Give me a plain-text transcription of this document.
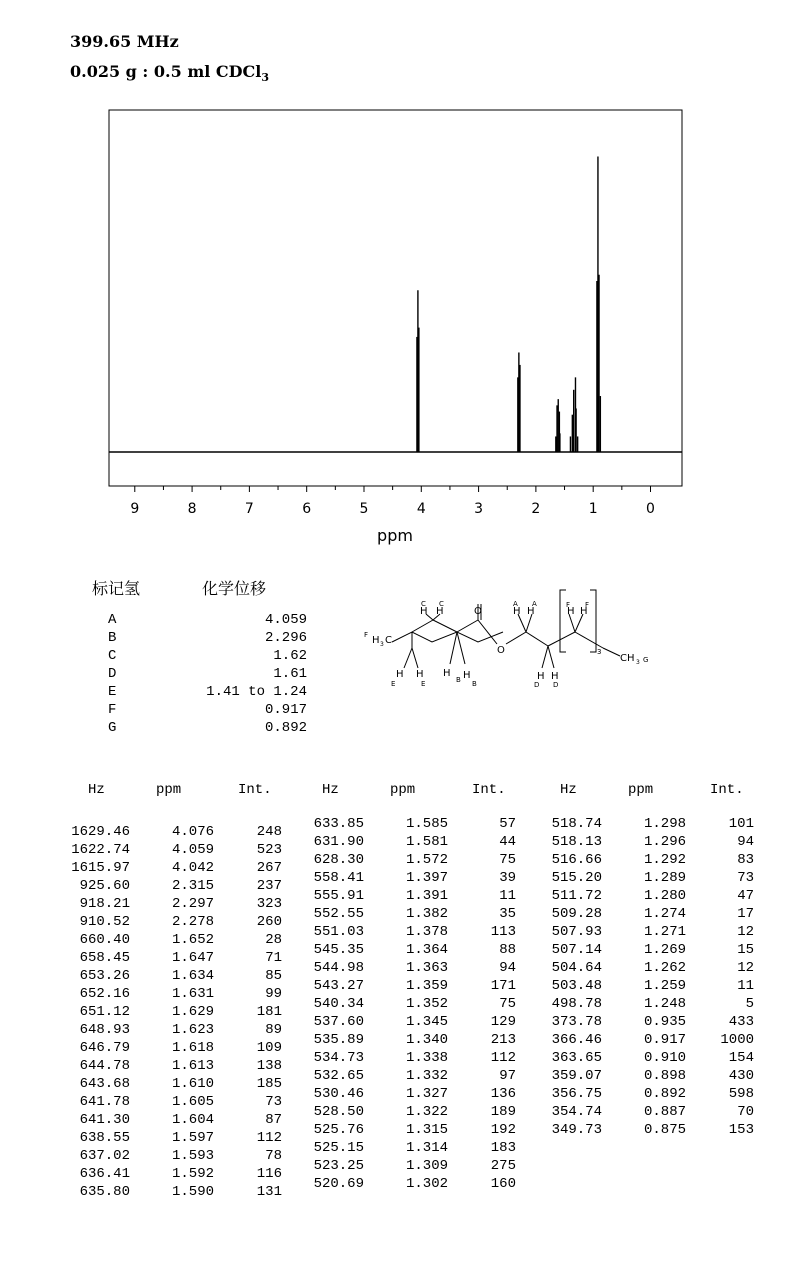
399.65 MHz
0.025 g : 0.5 ml CDCl$_3$
9	8	7	6	5	4	3	2	1	0
ppm
标记氢	化学位移
A	4.059
B	2.296
C	1.62
D	1.61
E	1.41 to 1.24
F	0.917
G	0.892
F H 3 C
O
O
H H
H H H H
H H
H H
H H
CH 3
3
C C
E	E	B B
A A
D D
F F
G
Hz	ppm	Int.
1629.46	4.076	248
1622.74	4.059	523
1615.97	4.042	267
925.60	2.315	237
918.21	2.297	323
910.52	2.278	260
660.40	1.652	28
658.45	1.647	71
653.26	1.634	85
652.16	1.631	99
651.12	1.629	181
648.93	1.623	89
646.79	1.618	109
644.78	1.613	138
643.68	1.610	185
641.78	1.605	73
641.30	1.604	87
638.55	1.597	112
637.02	1.593	78
636.41	1.592	116
635.80	1.590	131
Hz	ppm	Int.
633.85	1.585	57
631.90	1.581	44
628.30	1.572	75
558.41	1.397	39
555.91	1.391	11
552.55	1.382	35
551.03	1.378	113
545.35	1.364	88
544.98	1.363	94
543.27	1.359	171
540.34	1.352	75
537.60	1.345	129
535.89	1.340	213
534.73	1.338	112
532.65	1.332	97
530.46	1.327	136
528.50	1.322	189
525.76	1.315	192
525.15	1.314	183
523.25	1.309	275
520.69	1.302	160
Hz	ppm	Int.
518.74	1.298	101
518.13	1.296	94
516.66	1.292	83
515.20	1.289	73
511.72	1.280	47
509.28	1.274	17
507.93	1.271	12
507.14	1.269	15
504.64	1.262	12
503.48	1.259	11
498.78	1.248	5
373.78	0.935	433
366.46	0.917	1000
363.65	0.910	154
359.07	0.898	430
356.75	0.892	598
354.74	0.887	70
349.73	0.875	153
